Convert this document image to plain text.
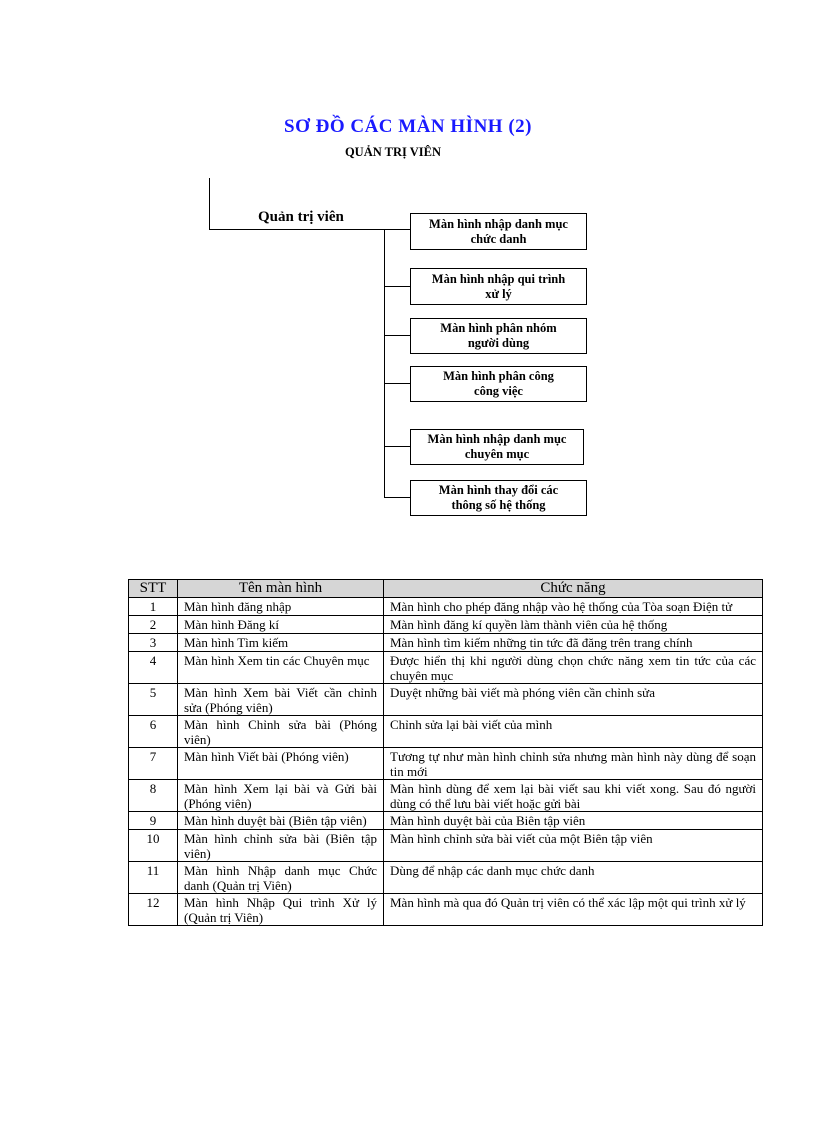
SƠ ĐỒ CÁC MÀN HÌNH (2)
QUẢN TRỊ VIÊN
Quản trị viên	Màn hình nhập danh mục chức danh
Màn hình nhập qui trình xử lý
Màn hình phân nhóm người dùng
Màn hình phân công công việc
Màn hình nhập danh mục chuyên mục
Màn hình thay đổi các thông số hệ thống
STT	Tên màn hình	Chức năng
1	Màn hình đăng nhập	Màn hình cho phép đăng nhập vào hệ thống của Tòa soạn Điện tử
2	Màn hình Đăng kí	Màn hình đăng kí quyền làm thành viên của hệ thống
3	Màn hình Tìm kiếm	Màn hình tìm kiếm những tin tức đã đăng trên trang chính
4	Màn hình Xem tin các Chuyên mục	Được hiển thị khi người dùng chọn chức năng xem tin tức của các chuyên mục
5	Màn hình Xem bài Viết cần chỉnh sửa (Phóng viên)	Duyệt những bài viết mà phóng viên cần chỉnh sửa
6	Màn hình Chỉnh sửa bài (Phóng viên)	Chỉnh sửa lại bài viết của mình
7	Màn hình Viết bài (Phóng viên)	Tương tự như màn hình chỉnh sửa nhưng màn hình này dùng để soạn tin mới
8	Màn hình Xem lại bài và Gửi bài (Phóng viên)	Màn hình dùng để xem lại bài viết sau khi viết xong. Sau đó người dùng có thể lưu bài viết hoặc gửi bài
9	Màn hình duyệt bài (Biên tập viên)	Màn hình duyệt bài của Biên tập viên
10	Màn hình chỉnh sửa bài (Biên tập viên)	Màn hình chỉnh sửa bài viết của một Biên tập viên
11	Màn hình Nhập danh mục Chức danh (Quản trị Viên)	Dùng để nhập các danh mục chức danh
12	Màn hình Nhập Qui trình Xử lý (Quản trị Viên)	Màn hình mà qua đó Quản trị viên có thể xác lập một qui trình xử lý
